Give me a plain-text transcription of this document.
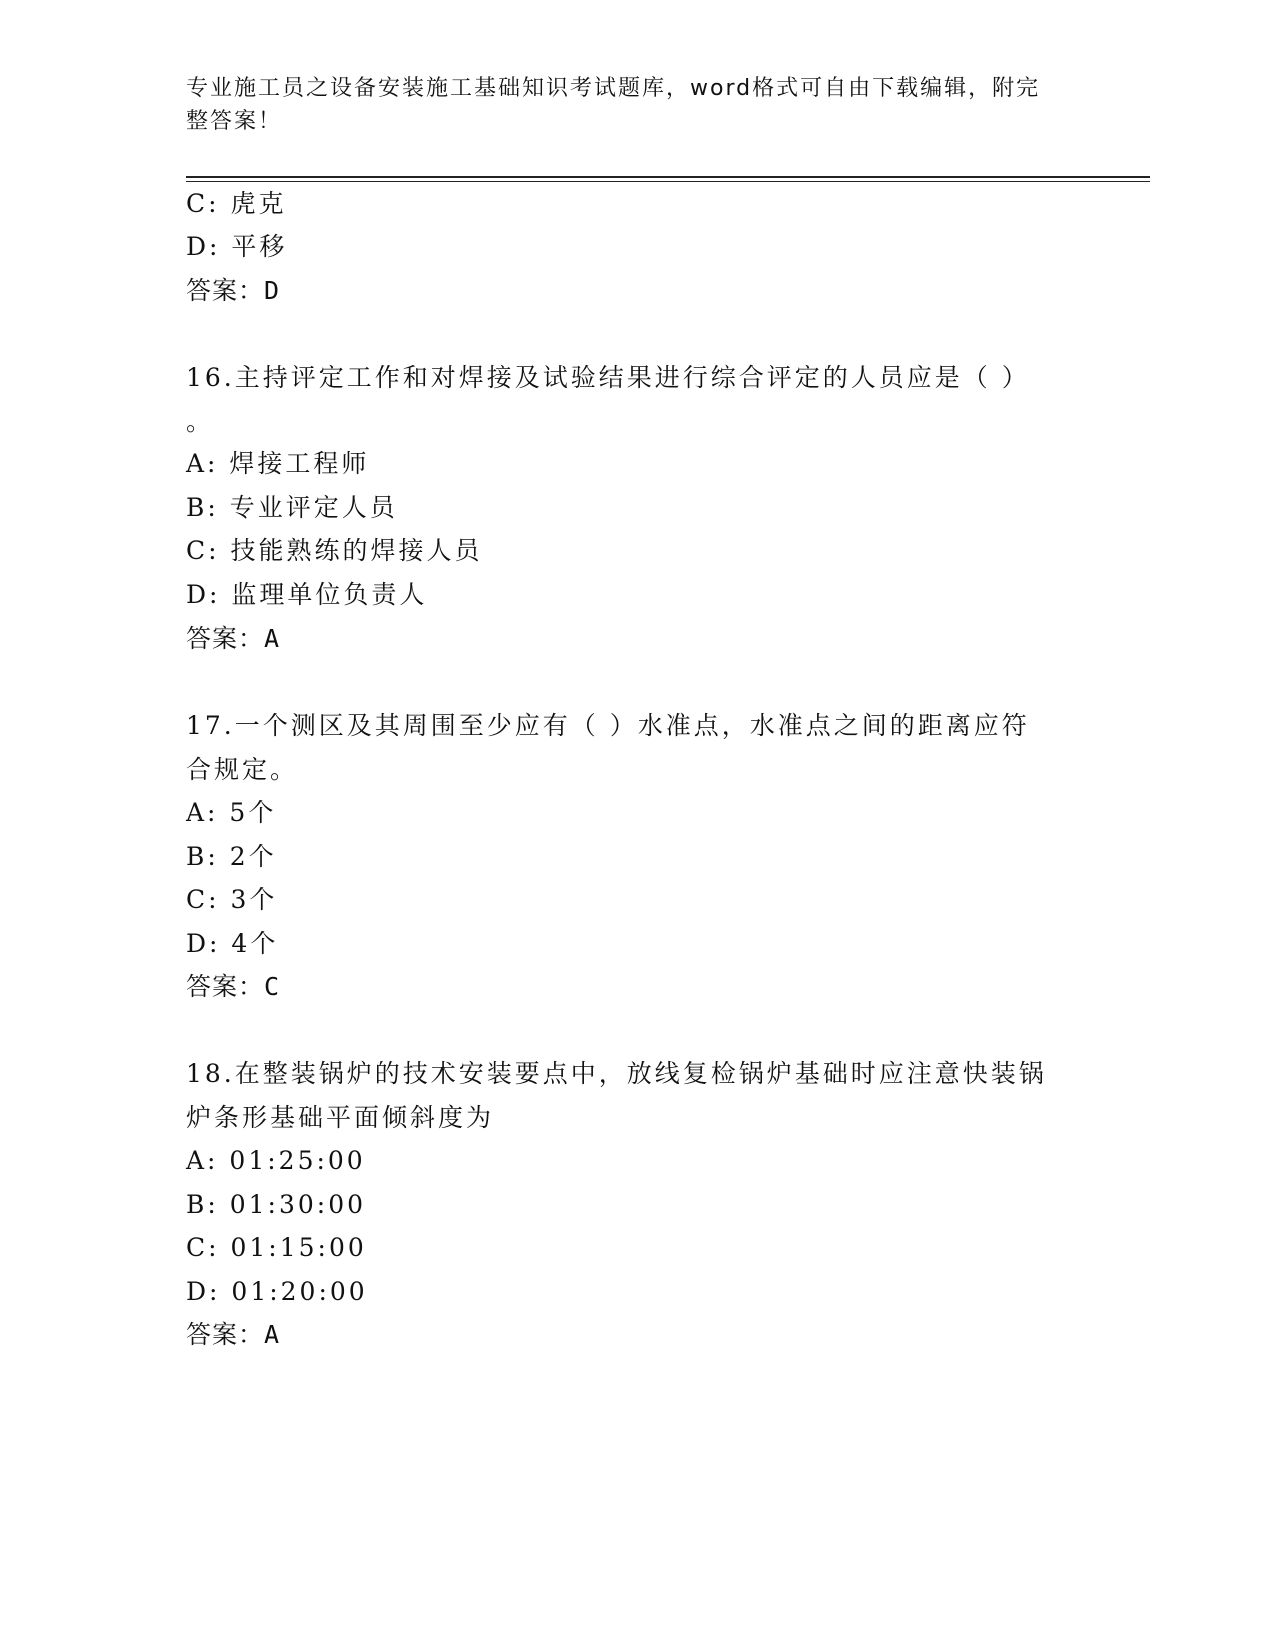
专业施工员之设备安装施工基础知识考试题库，word格式可自由下载编辑，附完
整答案！
C: 虎克
D: 平移
答案：D
16.主持评定工作和对焊接及试验结果进行综合评定的人员应是（ ）
。
A: 焊接工程师
B: 专业评定人员
C: 技能熟练的焊接人员
D: 监理单位负责人
答案：A
17.一个测区及其周围至少应有（ ）水准点，水准点之间的距离应符
合规定。
A: 5个
B: 2个
C: 3个
D: 4个
答案：C
18.在整装锅炉的技术安装要点中，放线复检锅炉基础时应注意快装锅
炉条形基础平面倾斜度为
A: 01:25:00
B: 01:30:00
C: 01:15:00
D: 01:20:00
答案：A
